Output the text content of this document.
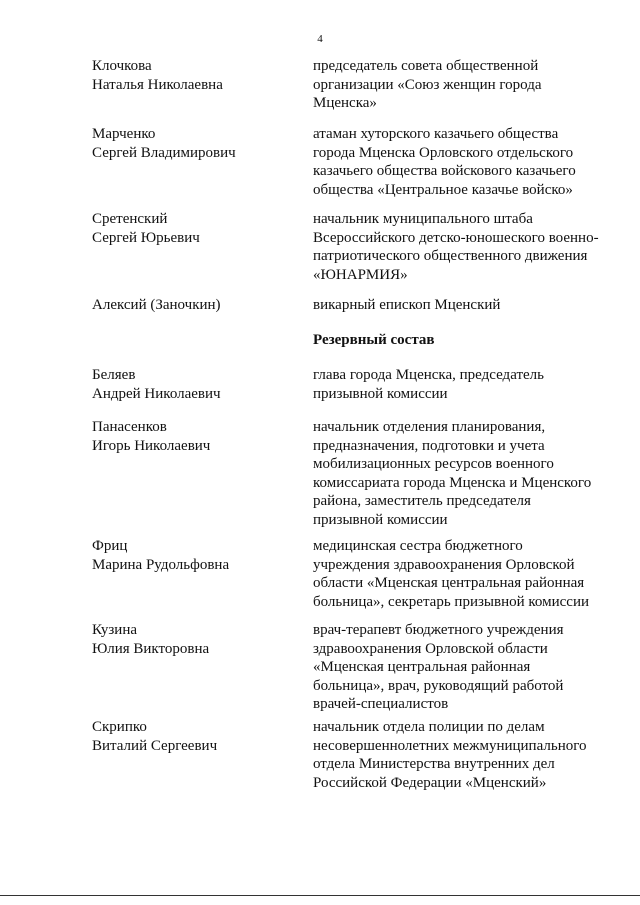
4
Клочкова
Наталья Николаевна
председатель совета общественной
организации «Союз женщин города
Мценска»
Марченко
Сергей Владимирович
атаман хуторского казачьего общества
города Мценска Орловского отдельского
казачьего общества войскового казачьего
общества «Центральное казачье войско»
Сретенский
Сергей Юрьевич
начальник муниципального штаба
Всероссийского детско-юношеского военно-
патриотического общественного движения
«ЮНАРМИЯ»
Алексий (Заночкин)	викарный епископ Мценский
Резервный состав
Беляев
Андрей Николаевич
глава города Мценска, председатель
призывной комиссии
Панасенков
Игорь Николаевич
начальник отделения планирования,
предназначения, подготовки и учета
мобилизационных ресурсов военного
комиссариата города Мценска и Мценского
района, заместитель председателя
призывной комиссии
Фриц
Марина Рудольфовна
медицинская сестра бюджетного
учреждения здравоохранения Орловской
области «Мценская центральная районная
больница», секретарь призывной комиссии
Кузина
Юлия Викторовна
врач-терапевт бюджетного учреждения
здравоохранения Орловской области
«Мценская центральная районная
больница», врач, руководящий работой
врачей-специалистов
Скрипко
Виталий Сергеевич
начальник отдела полиции по делам
несовершеннолетних межмуниципального
отдела Министерства внутренних дел
Российской Федерации «Мценский»
